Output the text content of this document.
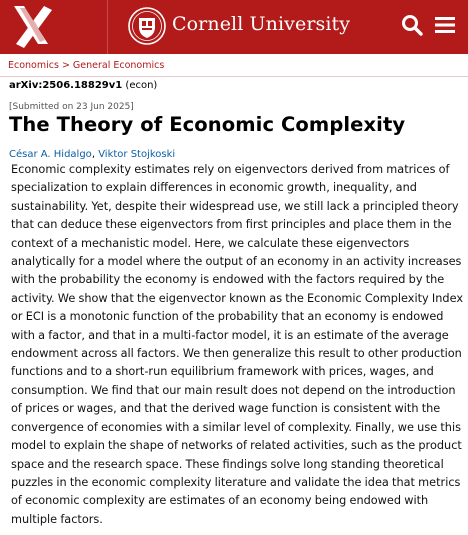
Cornell University
Economics > General Economics
arXiv:2506.18829v1 (econ)
[Submitted on 23 Jun 2025]
The Theory of Economic Complexity
César A. Hidalgo, Viktor Stojkoski

Economic complexity estimates rely on eigenvectors derived from matrices of specialization to explain differences in economic growth, inequality, and sustainability. Yet, despite their widespread use, we still lack a principled theory that can deduce these eigenvectors from first principles and place them in the context of a mechanistic model. Here, we calculate these eigenvectors analytically for a model where the output of an economy in an activity increases with the probability the economy is endowed with the factors required by the activity. We show that the eigenvector known as the Economic Complexity Index or ECI is a monotonic function of the probability that an economy is endowed with a factor, and that in a multi-factor model, it is an estimate of the average endowment across all factors. We then generalize this result to other production functions and to a short-run equilibrium framework with prices, wages, and consumption. We find that our main result does not depend on the introduction of prices or wages, and that the derived wage function is consistent with the convergence of economies with a similar level of complexity. Finally, we use this model to explain the shape of networks of related activities, such as the product space and the research space. These findings solve long standing theoretical puzzles in the economic complexity literature and validate the idea that metrics of economic complexity are estimates of an economy being endowed with multiple factors.
